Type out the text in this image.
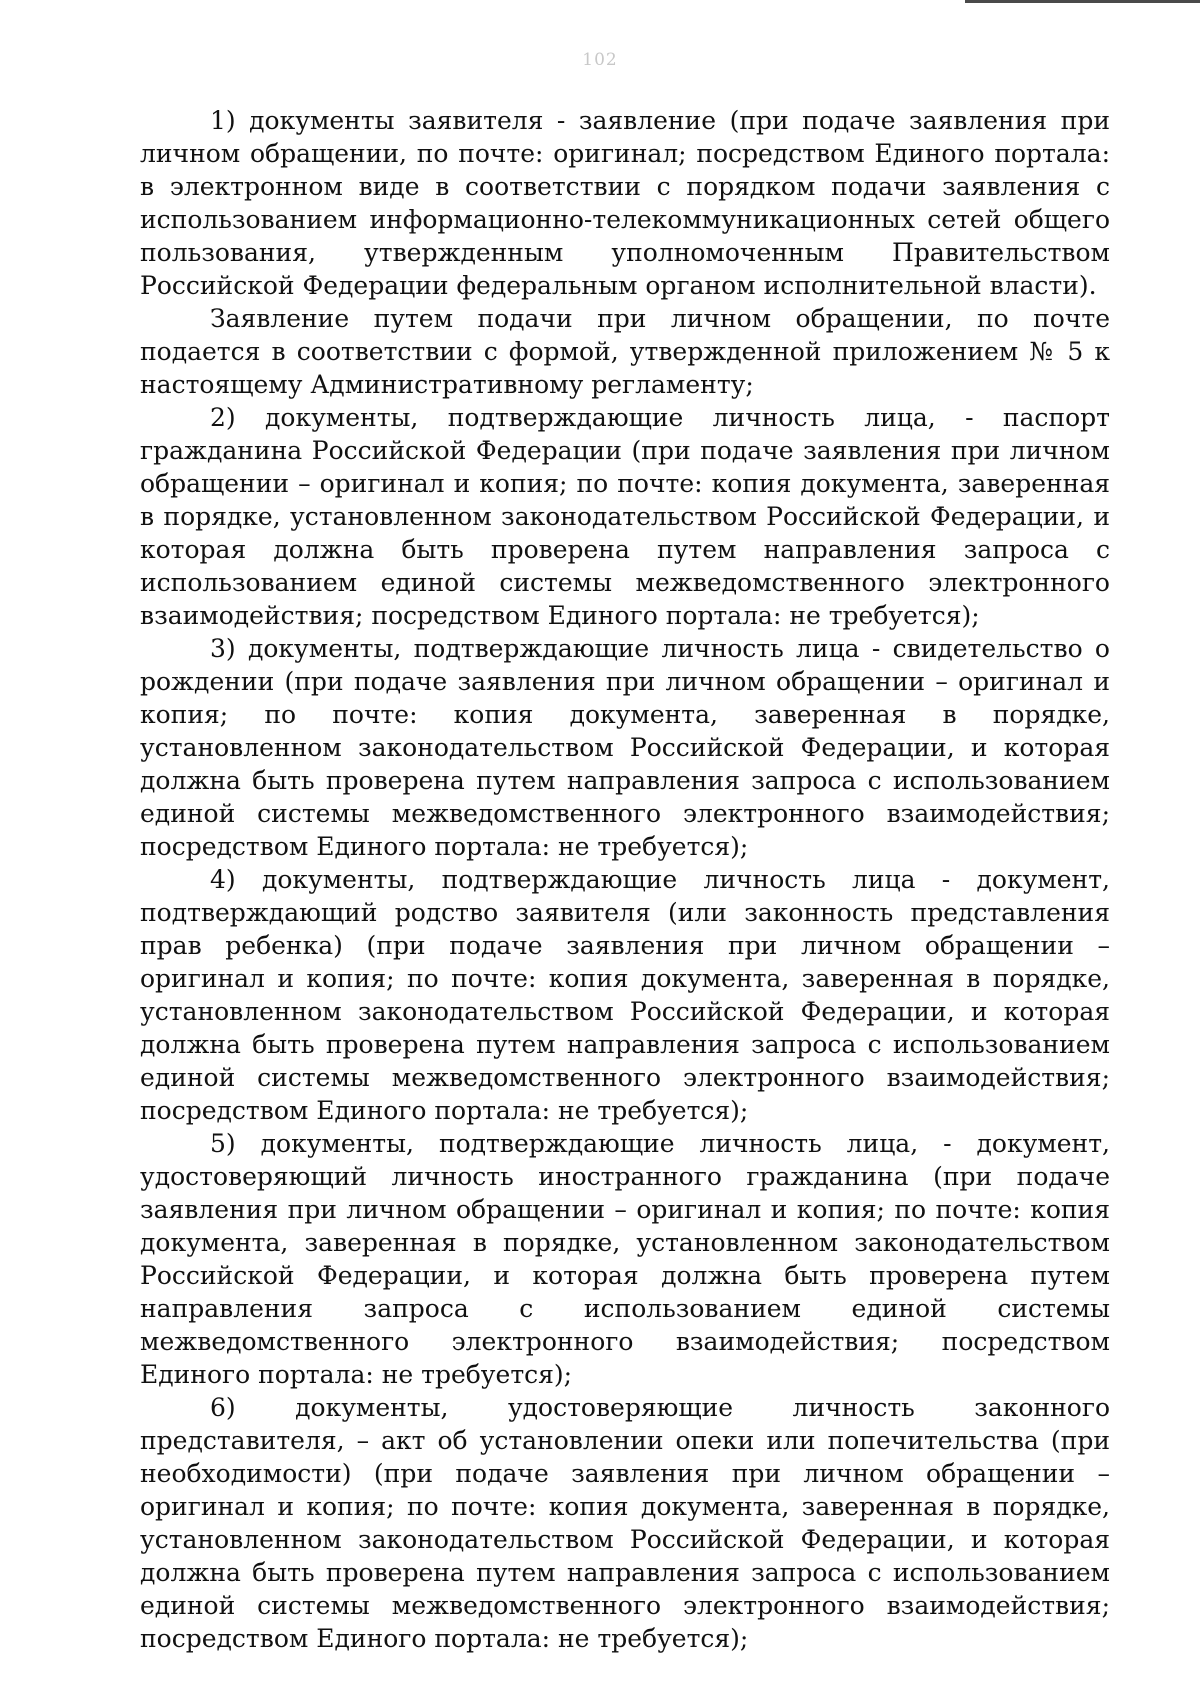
102

1) документы заявителя - заявление (при подаче заявления при личном обращении, по почте: оригинал; посредством Единого портала: в электронном виде в соответствии с порядком подачи заявления с использованием информационно-телекоммуникационных сетей общего пользования, утвержденным уполномоченным Правительством Российской Федерации федеральным органом исполнительной власти).

Заявление путем подачи при личном обращении, по почте подается в соответствии с формой, утвержденной приложением № 5 к настоящему Административному регламенту;

2) документы, подтверждающие личность лица, - паспорт гражданина Российской Федерации (при подаче заявления при личном обращении – оригинал и копия; по почте: копия документа, заверенная в порядке, установленном законодательством Российской Федерации, и которая должна быть проверена путем направления запроса с использованием единой системы межведомственного электронного взаимодействия; посредством Единого портала: не требуется);

3) документы, подтверждающие личность лица - свидетельство о рождении (при подаче заявления при личном обращении – оригинал и копия; по почте: копия документа, заверенная в порядке, установленном законодательством Российской Федерации, и которая должна быть проверена путем направления запроса с использованием единой системы межведомственного электронного взаимодействия; посредством Единого портала: не требуется);

4) документы, подтверждающие личность лица - документ, подтверждающий родство заявителя (или законность представления прав ребенка) (при подаче заявления при личном обращении – оригинал и копия; по почте: копия документа, заверенная в порядке, установленном законодательством Российской Федерации, и которая должна быть проверена путем направления запроса с использованием единой системы межведомственного электронного взаимодействия; посредством Единого портала: не требуется);

5) документы, подтверждающие личность лица, - документ, удостоверяющий личность иностранного гражданина (при подаче заявления при личном обращении – оригинал и копия; по почте: копия документа, заверенная в порядке, установленном законодательством Российской Федерации, и которая должна быть проверена путем направления запроса с использованием единой системы межведомственного электронного взаимодействия; посредством Единого портала: не требуется);

6) документы, удостоверяющие личность законного представителя, – акт об установлении опеки или попечительства (при необходимости) (при подаче заявления при личном обращении – оригинал и копия; по почте: копия документа, заверенная в порядке, установленном законодательством Российской Федерации, и которая должна быть проверена путем направления запроса с использованием единой системы межведомственного электронного взаимодействия; посредством Единого портала: не требуется);
